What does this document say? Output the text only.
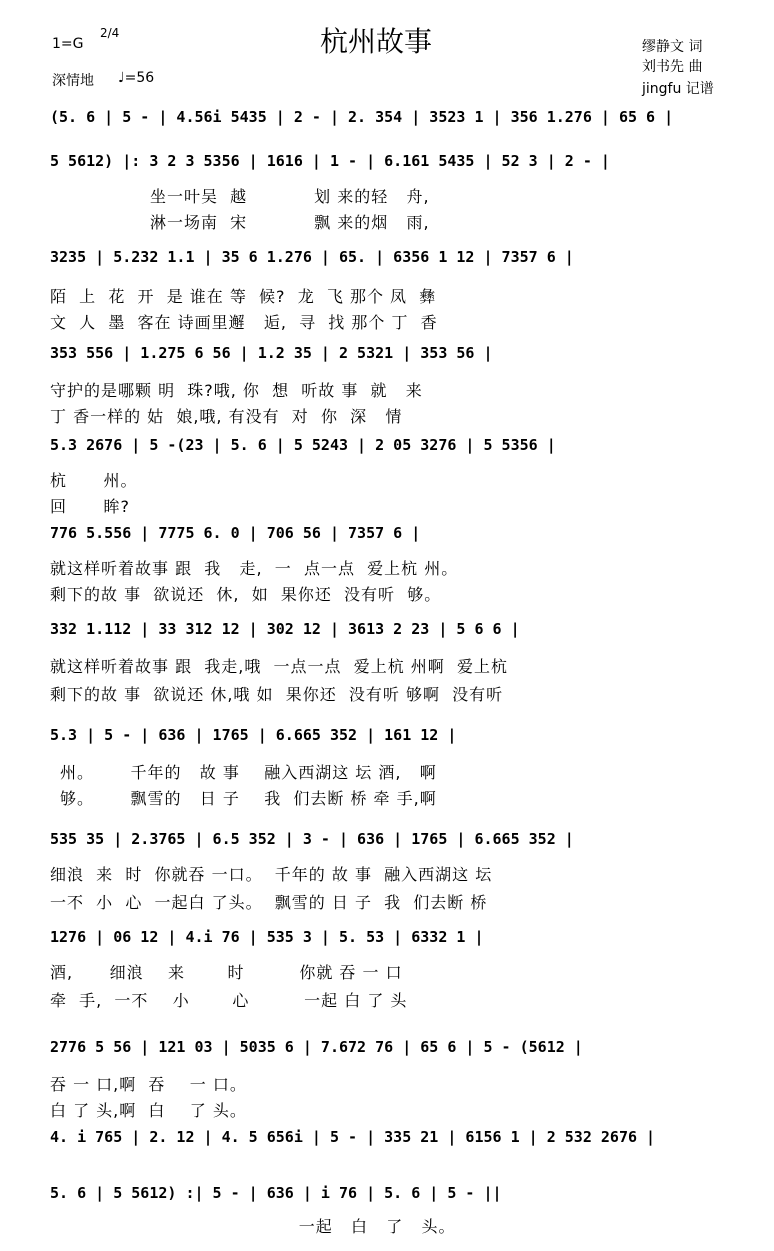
杭州故事
1=G
2/4
深情地 ♩=56
缪静文 词
刘书先 曲
jingfu 记谱
(5. 6 | 5 - | 4.56i 5435 | 2 - | 2. 354 | 3523 1 | 356 1.276 | 65 6 |
5 5612) |: 3 2 3 5356 | 1616 | 1 - | 6.161 5435 | 52 3 | 2 - |
坐一叶吴  越           划 来的轻   舟,
淋一场南  宋           飘 来的烟   雨,
3235 | 5.232 1.1 | 35 6 1.276 | 65. | 6356 1 12 | 7357 6 |
陌  上  花  开  是 谁在 等  候?  龙  飞 那个 凤  彝
文  人  墨  客在 诗画里邂   逅,  寻  找 那个 丁  香
353 556 | 1.275 6 56 | 1.2 35 | 2 5321 | 353 56 |
守护的是哪颗 明  珠?哦, 你  想  听故 事  就   来
丁 香一样的 姑  娘,哦, 有没有  对  你  深   情
5.3 2676 | 5 -(23 | 5. 6 | 5 5243 | 2 05 3276 | 5 5356 |
杭      州。
回      眸?
776 5.556 | 7775 6. 0 | 706 56 | 7357 6 |
就这样听着故事 跟  我   走,  一  点一点  爱上杭 州。
剩下的故 事  欲说还  休,  如  果你还  没有听  够。
332 1.112 | 33 312 12 | 302 12 | 3613 2 23 | 5 6 6 |
就这样听着故事 跟  我走,哦  一点一点  爱上杭 州啊  爱上杭
剩下的故 事  欲说还 休,哦 如  果你还  没有听 够啊  没有听
5.3 | 5 - | 636 | 1765 | 6.665 352 | 161 12 |
州。      千年的   故 事    融入西湖这 坛 酒,   啊
够。      飘雪的   日 子    我  们去断 桥 牵 手,啊
535 35 | 2.3765 | 6.5 352 | 3 - | 636 | 1765 | 6.665 352 |
细浪  来  时  你就吞 一口。  千年的 故 事  融入西湖这 坛
一不  小  心  一起白 了头。  飘雪的 日 子  我  们去断 桥
1276 | 06 12 | 4.i 76 | 535 3 | 5. 53 | 6332 1 |
酒,      细浪    来       时         你就 吞 一 口
牵  手,  一不    小       心         一起 白 了 头
2776 5 56 | 121 03 | 5035 6 | 7.672 76 | 65 6 | 5 - (5612 |
吞 一 口,啊  吞    一 口。
白 了 头,啊  白    了 头。
4. i 765 | 2. 12 | 4. 5 656i | 5 - | 335 21 | 6156 1 | 2 532 2676 |
5. 6 | 5 5612) :| 5 - | 636 | i 76 | 5. 6 | 5 - ||
一起   白   了   头。
